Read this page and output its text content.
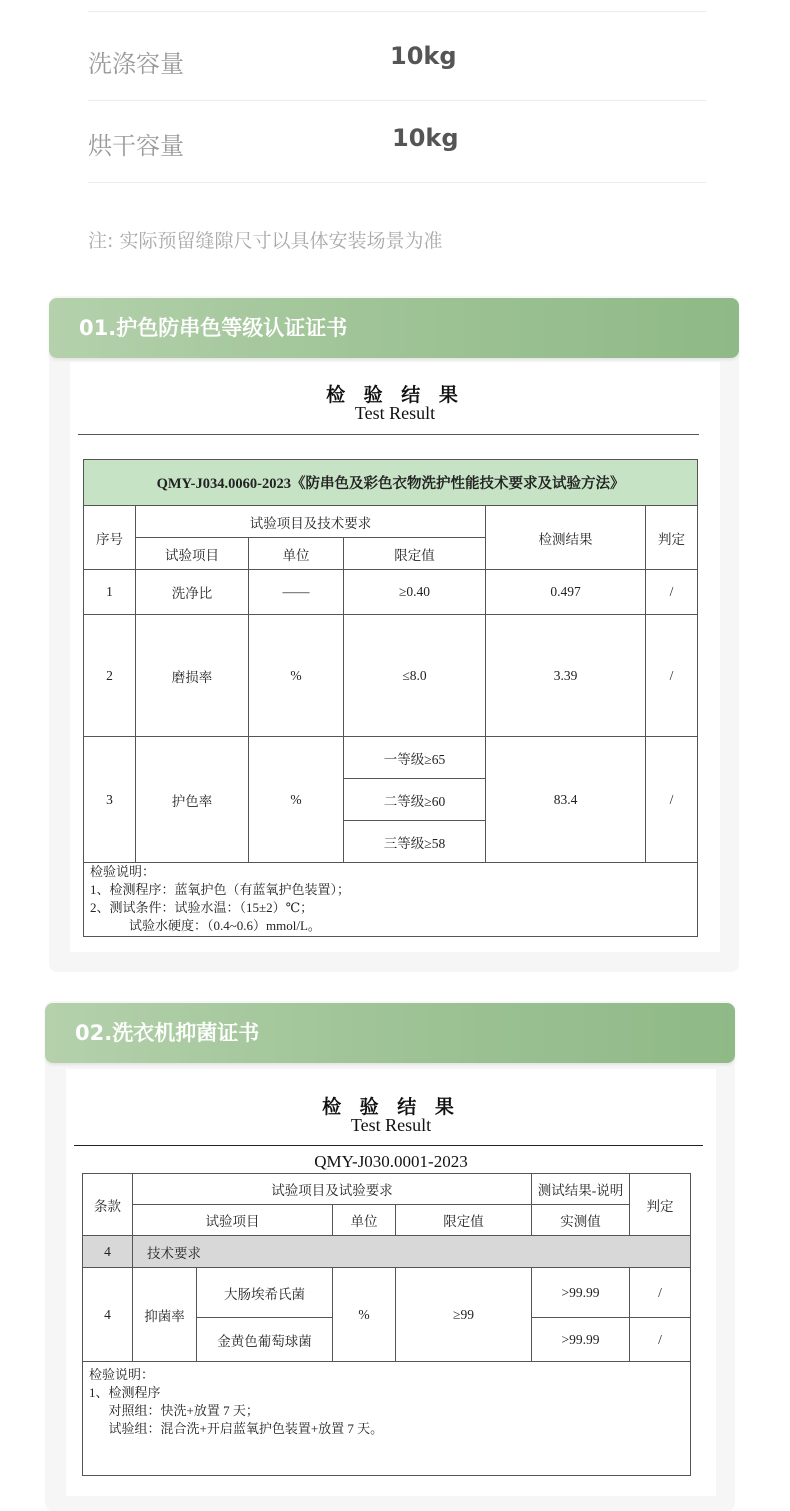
洗涤容量	10kg
烘干容量	10kg
注: 实际预留缝隙尺寸以具体安装场景为准
01.护色防串色等级认证证书
检 验 结 果
Test Result
QMY-J034.0060-2023《防串色及彩色衣物洗护性能技术要求及试验方法》					
序号	试验项目及技术要求			检测结果	判定
	试验项目	单位	限定值		
1	洗净比	——	≥0.40	0.497	/
2	磨损率	%	≤8.0	3.39	/
3	护色率	%	一等级≥65	83.4	/
			二等级≥60		
			三等级≥58		

检验说明：
1、检测程序：蓝氧护色（有蓝氧护色装置）；
2、测试条件：试验水温：（15±2）℃；
试验水硬度：（0.4~0.6）mmol/L。
02.洗衣机抑菌证书
检 验 结 果
Test Result
QMY-J030.0001-2023
条款	试验项目及试验要求				测试结果-说明	判定
	试验项目		单位	限定值	实测值	
4	技术要求					
4	抑菌率	大肠埃希氏菌	%	≥99	>99.99	/
		金黄色葡萄球菌			>99.99	/

检验说明：
1、检测程序
对照组：快洗+放置 7 天；
试验组：混合洗+开启蓝氧护色装置+放置 7 天。
